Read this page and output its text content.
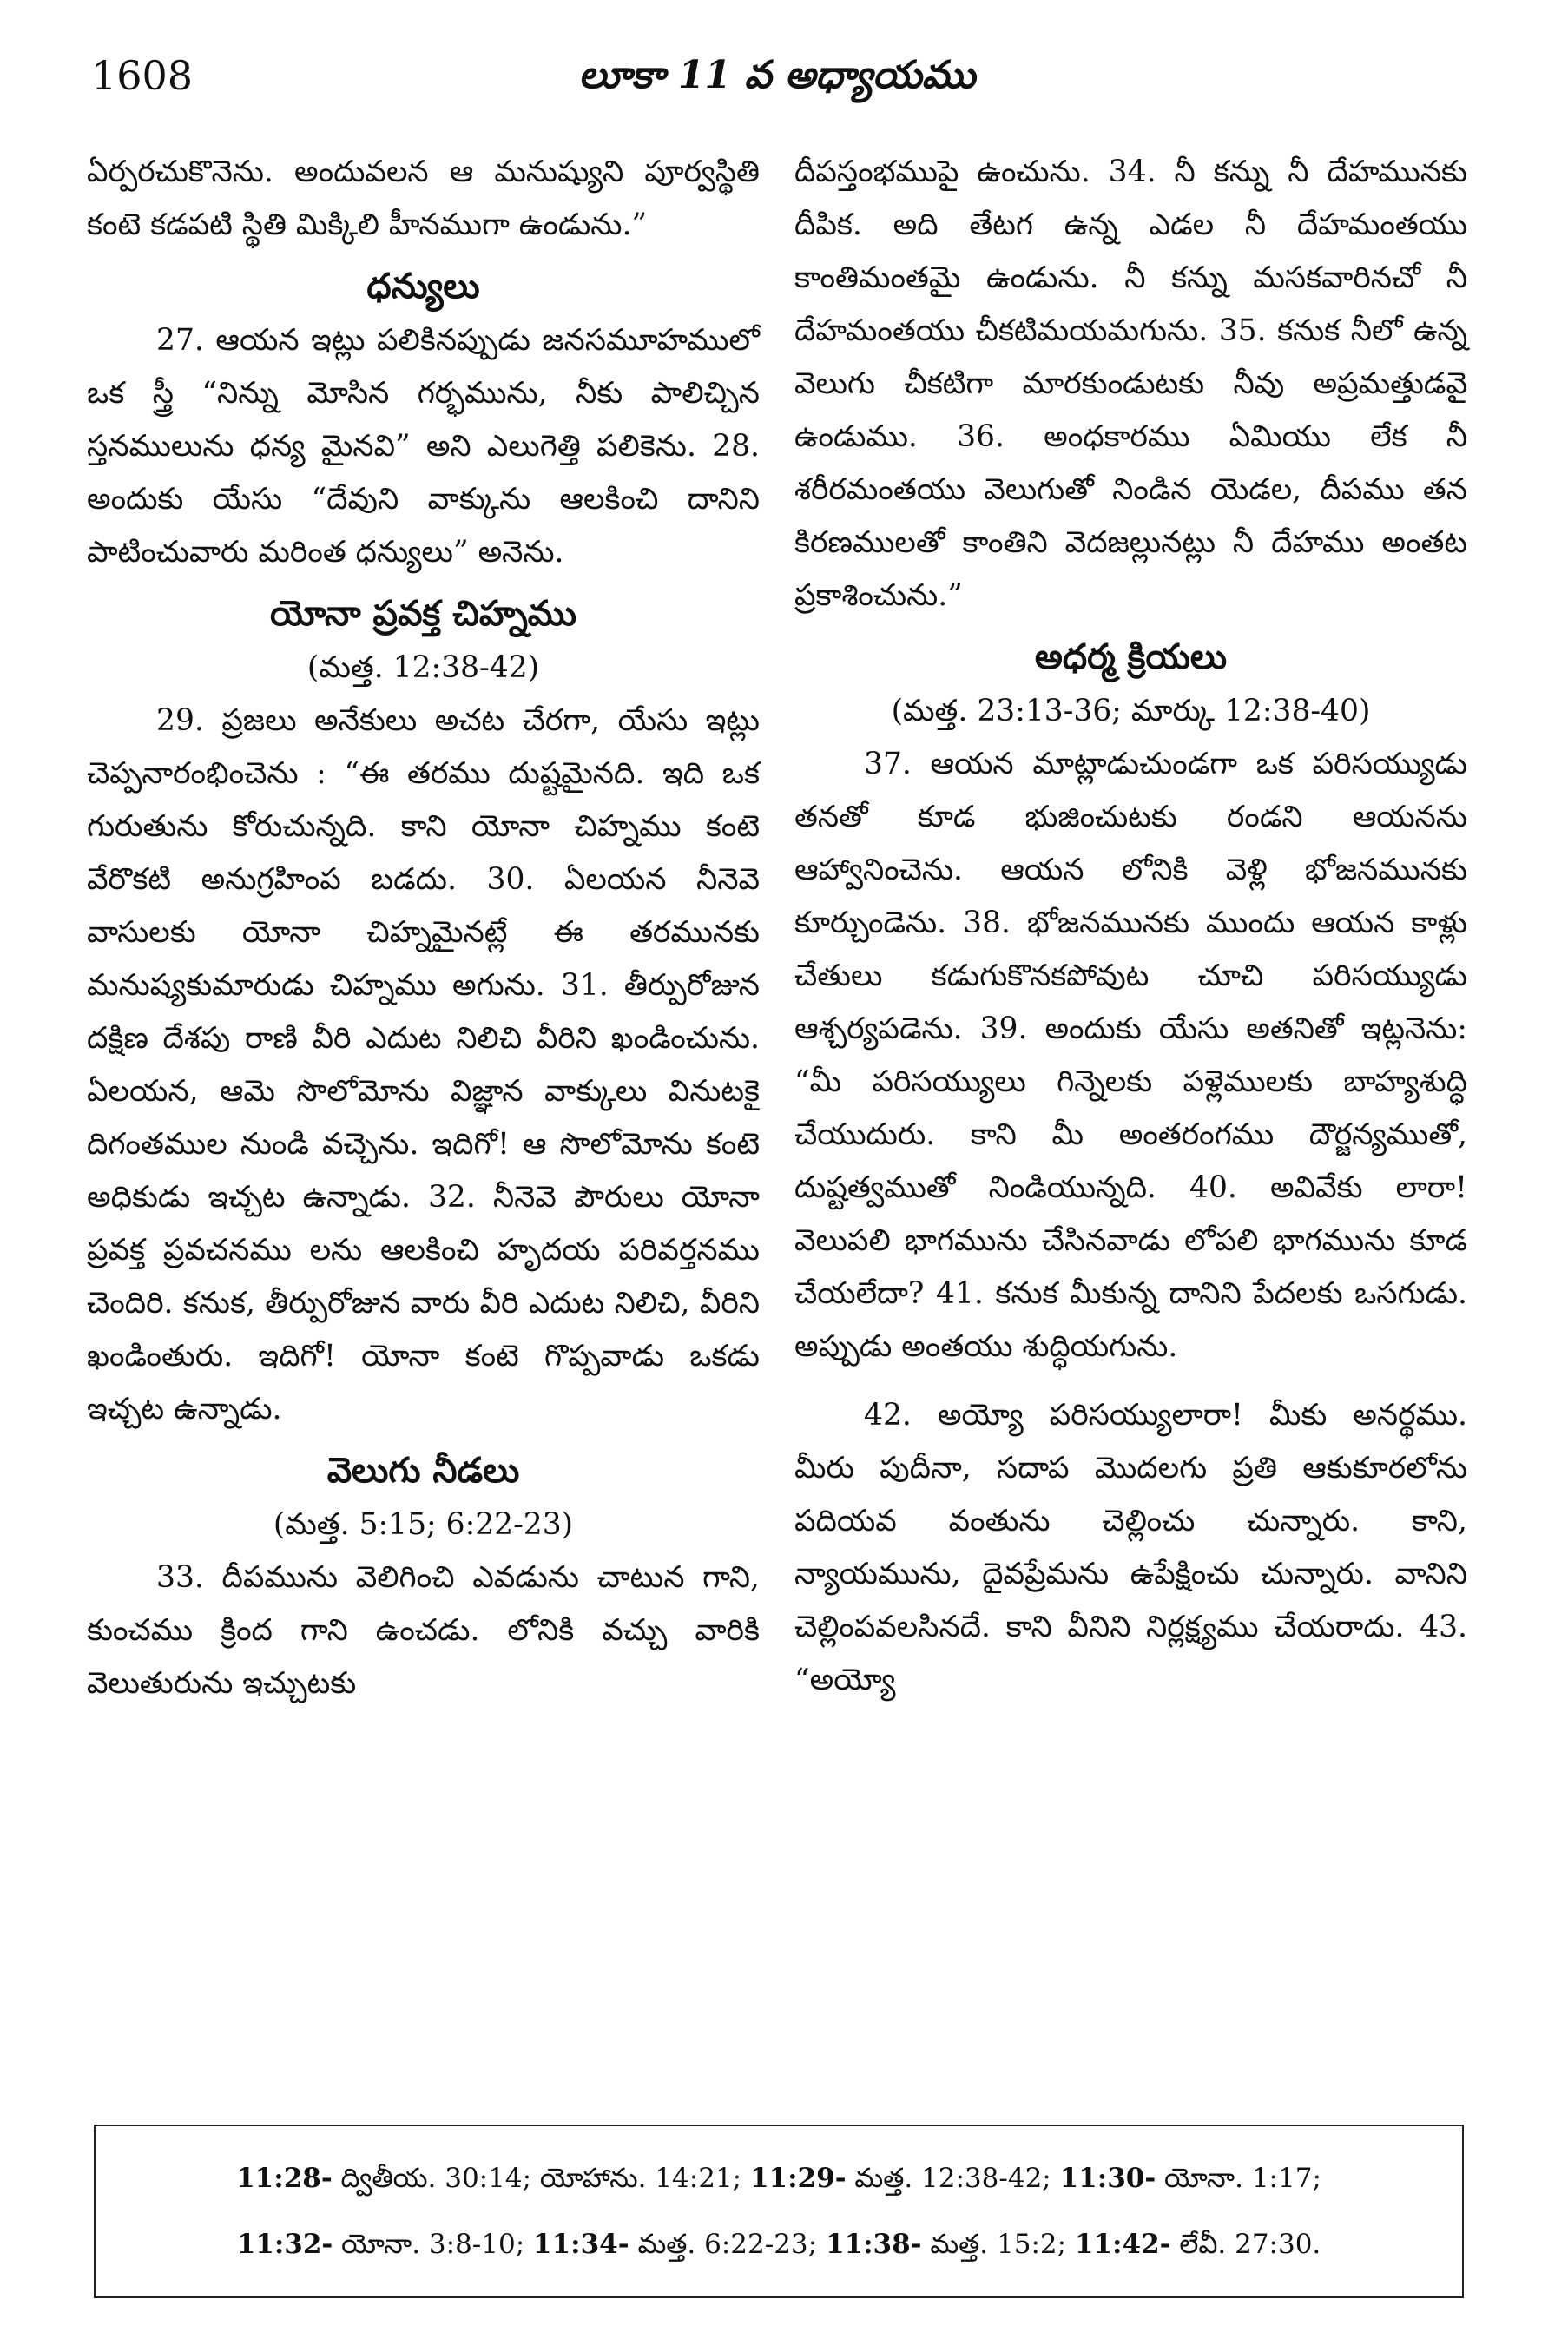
1608	లూకా 11 వ అధ్యాయము

ఏర్పరచుకొనెను. అందువలన ఆ మనుష్యుని పూర్వస్థితి కంటె కడపటి స్థితి మిక్కిలి హీనముగా ఉండును.”

ధన్యులు

27. ఆయన ఇట్లు పలికినప్పుడు జనసమూహములో ఒక స్త్రీ “నిన్ను మోసిన గర్భమును, నీకు పాలిచ్చిన స్తనములును ధన్య మైనవి” అని ఎలుగెత్తి పలికెను. 28. అందుకు యేసు “దేవుని వాక్కును ఆలకించి దానిని పాటించువారు మరింత ధన్యులు” అనెను.

యోనా ప్రవక్త చిహ్నము
(మత్త. 12:38-42)

29. ప్రజలు అనేకులు అచట చేరగా, యేసు ఇట్లు చెప్పనారంభించెను : “ఈ తరము దుష్టమైనది. ఇది ఒక గురుతును కోరుచున్నది. కాని యోనా చిహ్నము కంటె వేరొకటి అనుగ్రహింప బడదు. 30. ఏలయన నీనెవె వాసులకు యోనా చిహ్నమైనట్లే ఈ తరమునకు మనుష్యకుమారుడు చిహ్నము అగును. 31. తీర్పురోజున దక్షిణ దేశపు రాణి వీరి ఎదుట నిలిచి వీరిని ఖండించును. ఏలయన, ఆమె సొలోమోను విజ్ఞాన వాక్కులు వినుటకై దిగంతముల నుండి వచ్చెను. ఇదిగో! ఆ సొలోమోను కంటె అధికుడు ఇచ్చట ఉన్నాడు. 32. నీనెవె పౌరులు యోనా ప్రవక్త ప్రవచనము లను ఆలకించి హృదయ పరివర్తనము చెందిరి. కనుక, తీర్పురోజున వారు వీరి ఎదుట నిలిచి, వీరిని ఖండింతురు. ఇదిగో! యోనా కంటె గొప్పవాడు ఒకడు ఇచ్చట ఉన్నాడు.

వెలుగు నీడలు
(మత్త. 5:15; 6:22-23)

33. దీపమును వెలిగించి ఎవడును చాటున గాని, కుంచము క్రింద గాని ఉంచడు. లోనికి వచ్చు వారికి వెలుతురును ఇచ్చుటకు

దీపస్తంభముపై ఉంచును. 34. నీ కన్ను నీ దేహమునకు దీపిక. అది తేటగ ఉన్న ఎడల నీ దేహమంతయు కాంతిమంతమై ఉండును. నీ కన్ను మసకవారినచో నీ దేహమంతయు చీకటిమయమగును. 35. కనుక నీలో ఉన్న వెలుగు చీకటిగా మారకుండుటకు నీవు అప్రమత్తుడవై ఉండుము. 36. అంధకారము ఏమియు లేక నీ శరీరమంతయు వెలుగుతో నిండిన యెడల, దీపము తన కిరణములతో కాంతిని వెదజల్లునట్లు నీ దేహము అంతట ప్రకాశించును.”

అధర్మ క్రియలు
(మత్త. 23:13-36; మార్కు 12:38-40)

37. ఆయన మాట్లాడుచుండగా ఒక పరిసయ్యుడు తనతో కూడ భుజించుటకు రండని ఆయనను ఆహ్వానించెను. ఆయన లోనికి వెళ్లి భోజనమునకు కూర్చుండెను. 38. భోజనమునకు ముందు ఆయన కాళ్లు చేతులు కడుగుకొనకపోవుట చూచి పరిసయ్యుడు ఆశ్చర్యపడెను. 39. అందుకు యేసు అతనితో ఇట్లనెను: “మీ పరిసయ్యులు గిన్నెలకు పళ్లెములకు బాహ్యశుద్ధి చేయుదురు. కాని మీ అంతరంగము దౌర్జన్యముతో, దుష్టత్వముతో నిండియున్నది. 40. అవివేకు లారా! వెలుపలి భాగమును చేసినవాడు లోపలి భాగమును కూడ చేయలేదా? 41. కనుక మీకున్న దానిని పేదలకు ఒసగుడు. అప్పుడు అంతయు శుద్ధియగును.

42. అయ్యో పరిసయ్యులారా! మీకు అనర్థము. మీరు పుదీనా, సదాప మొదలగు ప్రతి ఆకుకూరలోను పదియవ వంతును చెల్లించు చున్నారు. కాని, న్యాయమును, దైవప్రేమను ఉపేక్షించు చున్నారు. వానిని చెల్లింపవలసినదే. కాని వీనిని నిర్లక్ష్యము చేయరాదు. 43. “అయ్యో

11:28- ద్వితీయ. 30:14; యోహాను. 14:21; 11:29- మత్త. 12:38-42; 11:30- యోనా. 1:17;

11:32- యోనా. 3:8-10; 11:34- మత్త. 6:22-23; 11:38- మత్త. 15:2; 11:42- లేవీ. 27:30.
